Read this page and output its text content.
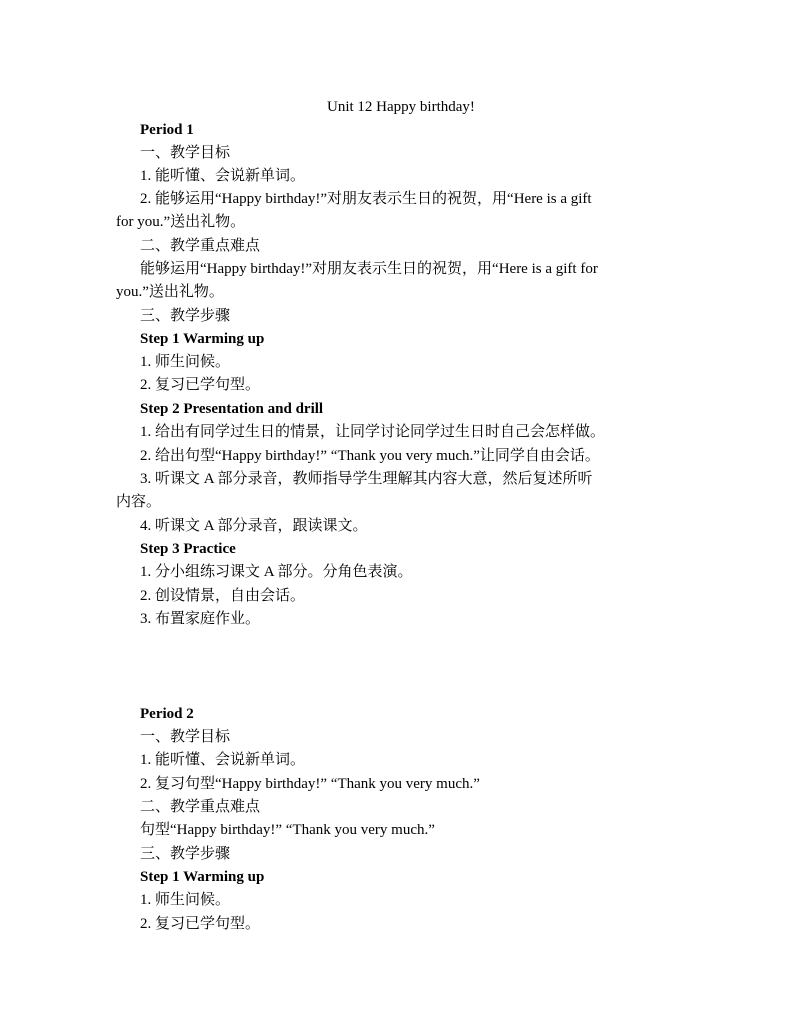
Unit 12 Happy birthday!
Period 1
一、教学目标
1. 能听懂、会说新单词。
2. 能够运用“Happy birthday!”对朋友表示生日的祝贺，用“Here is a gift
for you.”送出礼物。
二、教学重点难点
能够运用“Happy birthday!”对朋友表示生日的祝贺，用“Here is a gift for
you.”送出礼物。
三、教学步骤
Step 1 Warming up
1. 师生问候。
2. 复习已学句型。
Step 2 Presentation and drill
1. 给出有同学过生日的情景，让同学讨论同学过生日时自己会怎样做。
2. 给出句型“Happy birthday!” “Thank you very much.”让同学自由会话。
3. 听课文 A 部分录音，教师指导学生理解其内容大意，然后复述所听
内容。
4. 听课文 A 部分录音，跟读课文。
Step 3 Practice
1. 分小组练习课文 A 部分。分角色表演。
2. 创设情景，自由会话。
3. 布置家庭作业。
Period 2
一、教学目标
1. 能听懂、会说新单词。
2. 复习句型“Happy birthday!” “Thank you very much.”
二、教学重点难点
句型“Happy birthday!” “Thank you very much.”
三、教学步骤
Step 1 Warming up
1. 师生问候。
2. 复习已学句型。
